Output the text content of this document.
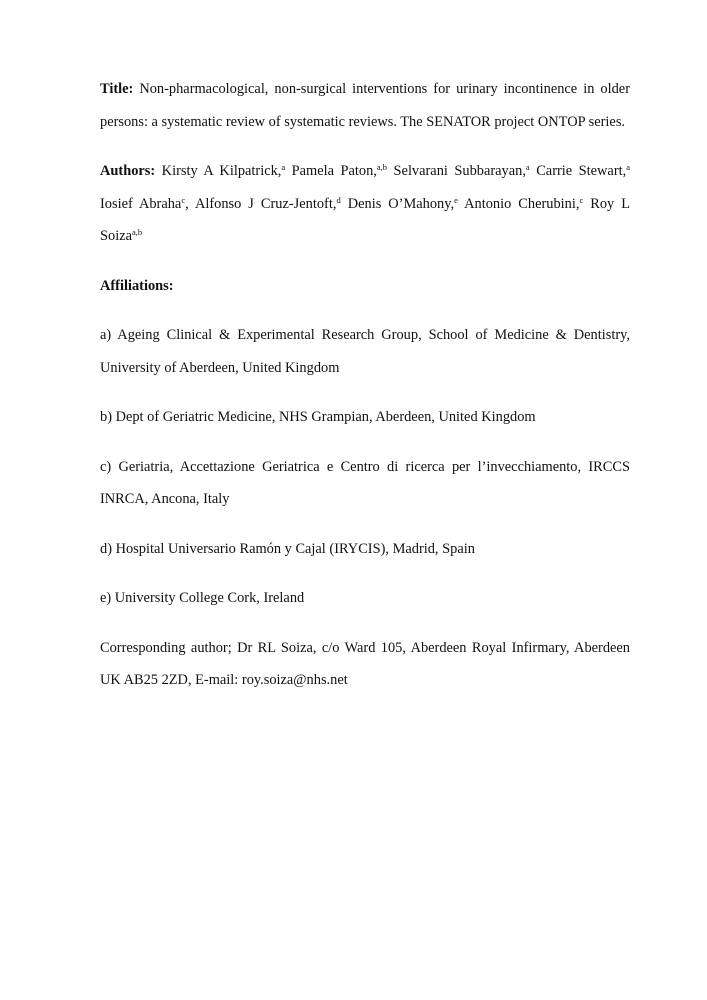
Title: Non-pharmacological, non-surgical interventions for urinary incontinence in older persons: a systematic review of systematic reviews. The SENATOR project ONTOP series.

Authors: Kirsty A Kilpatrick,$^a$ Pamela Paton,$^{a,b}$ Selvarani Subbarayan,$^a$ Carrie Stewart,$^a$ Iosief Abraha$^c$, Alfonso J Cruz-Jentoft,$^d$ Denis O’Mahony,$^e$ Antonio Cherubini,$^c$ Roy L Soiza$^{a,b}$

Affiliations:

a) Ageing Clinical & Experimental Research Group, School of Medicine & Dentistry, University of Aberdeen, United Kingdom

b) Dept of Geriatric Medicine, NHS Grampian, Aberdeen, United Kingdom

c) Geriatria, Accettazione Geriatrica e Centro di ricerca per l’invecchiamento, IRCCS INRCA, Ancona, Italy

d) Hospital Universario Ramón y Cajal (IRYCIS), Madrid, Spain

e) University College Cork, Ireland

Corresponding author; Dr RL Soiza, c/o Ward 105, Aberdeen Royal Infirmary, Aberdeen UK AB25 2ZD, E-mail: roy.soiza@nhs.net
